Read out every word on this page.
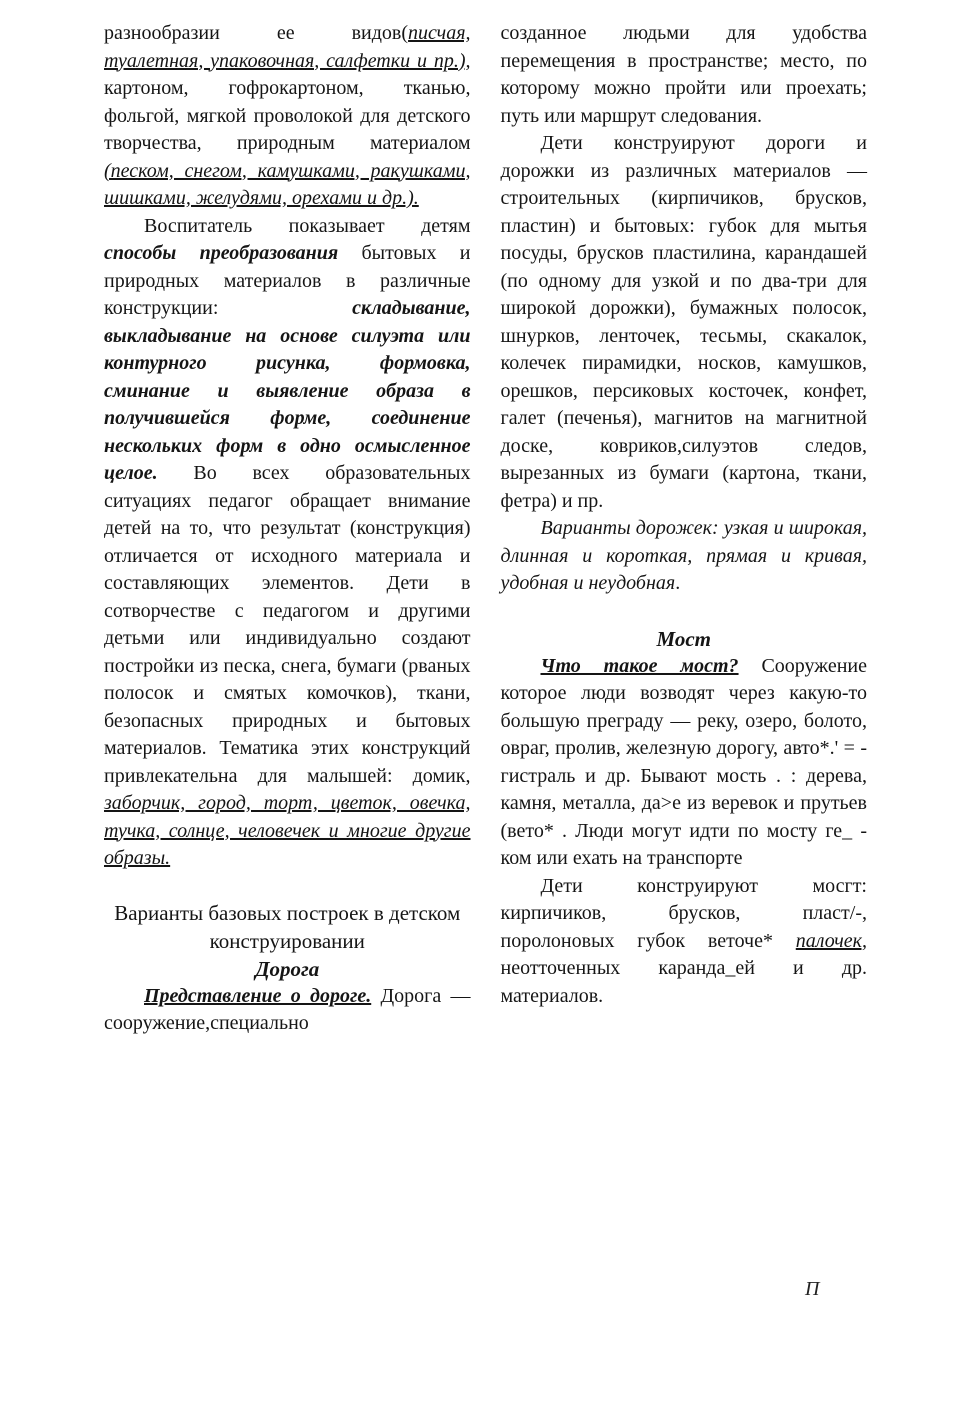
разнообразии ее видов(писчая, туалетная, упаковочная, салфетки и пр.), картоном, гофрокартоном, тканью, фольгой, мягкой проволокой для детского творчества, природным материалом (песком, снегом, камушками, ракушками, шишками, желудями, орехами и др.).

Воспитатель показывает детям способы преобразования бытовых и природных материалов в различные конструкции: складывание, выкладывание на основе силуэта или контурного рисунка, формовка, сминание и выявление образа в получившейся форме, соединение нескольких форм в одно осмысленное целое. Во всех образовательных ситуациях педагог обращает внимание детей на то, что результат (конструкция) отличается от исходного материала и составляющих элементов. Дети в сотворчестве с педагогом и другими детьми или индивидуально создают постройки из песка, снега, бумаги (рваных полосок и смятых комочков), ткани, безопасных природных и бытовых материалов. Тематика этих конструкций привлекательна для малышей: домик, заборчик, город, торт, цветок, овечка, тучка, солнце, человечек и многие другие образы.

Варианты базовых построек в детском конструировании

Дорога

Представление о дороге. Дорога — сооружение,специально

созданное людьми для удобства перемещения в пространстве; место, по которому можно пройти или проехать; путь или маршрут следования.

Дети конструируют дороги и дорожки из различных материалов — строительных (кирпичиков, брусков, пластин) и бытовых: губок для мытья посуды, брусков пластилина, карандашей (по одному для узкой и по два-три для широкой дорожки), бумажных полосок, шнурков, ленточек, тесьмы, скакалок, колечек пирамидки, носков, камушков, орешков, персиковых косточек, конфет, галет (печенья), магнитов на магнитной доске, ковриков,силуэтов следов, вырезанных из бумаги (картона, ткани, фетра) и пр.

Варианты дорожек: узкая и широкая, длинная и короткая, прямая и кривая, удобная и неудобная.

Мост

Что такое мост? Сооружение которое люди возводят через какую-то большую преграду — реку, озеро, болото, овраг, пролив, железную дорогу, авто*.' = - гистраль и др. Бывают мость . : дерева, камня, металла, да>е из веревок и прутьев (вето* . Люди могут идти по мосту ге_ - ком или ехать на транспорте

Дети конструируют мосгт: кирпичиков, брусков, пласт/-, поролоновых губок веточе* палочек, неотточенных каранда_ей и др. материалов.

П
